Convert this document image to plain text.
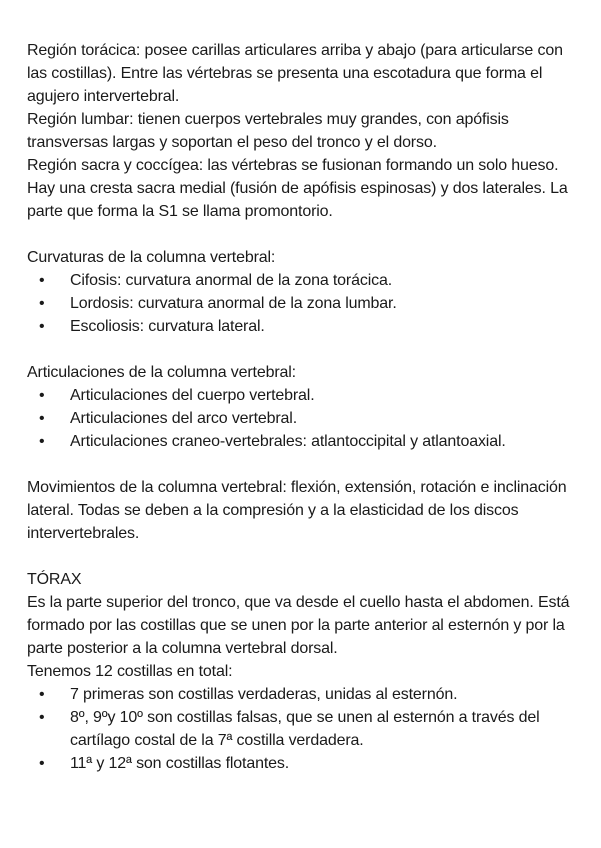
Región torácica: posee carillas articulares arriba y abajo (para articularse con las costillas). Entre las vértebras se presenta una escotadura que forma el agujero intervertebral.

Región lumbar: tienen cuerpos vertebrales muy grandes, con apófisis transversas largas y soportan el peso del tronco y el dorso.

Región sacra y coccígea: las vértebras se fusionan formando un solo hueso. Hay una cresta sacra medial (fusión de apófisis espinosas) y dos laterales. La parte que forma la S1 se llama promontorio.

Curvaturas de la columna vertebral:

• Cifosis: curvatura anormal de la zona torácica.
• Lordosis: curvatura anormal de la zona lumbar.
• Escoliosis: curvatura lateral.

Articulaciones de la columna vertebral:

• Articulaciones del cuerpo vertebral.
• Articulaciones del arco vertebral.
• Articulaciones craneo-vertebrales: atlantoccipital y atlantoaxial.

Movimientos de la columna vertebral: flexión, extensión, rotación e inclinación lateral. Todas se deben a la compresión y a la elasticidad de los discos intervertebrales.

TÓRAX

Es la parte superior del tronco, que va desde el cuello hasta el abdomen. Está formado por las costillas que se unen por la parte anterior al esternón y por la parte posterior a la columna vertebral dorsal.

Tenemos 12 costillas en total:

• 7 primeras son costillas verdaderas, unidas al esternón.
• 8º, 9ºy 10º son costillas falsas, que se unen al esternón a través del cartílago costal de la 7ª costilla verdadera.
• 11ª y 12ª son costillas flotantes.
